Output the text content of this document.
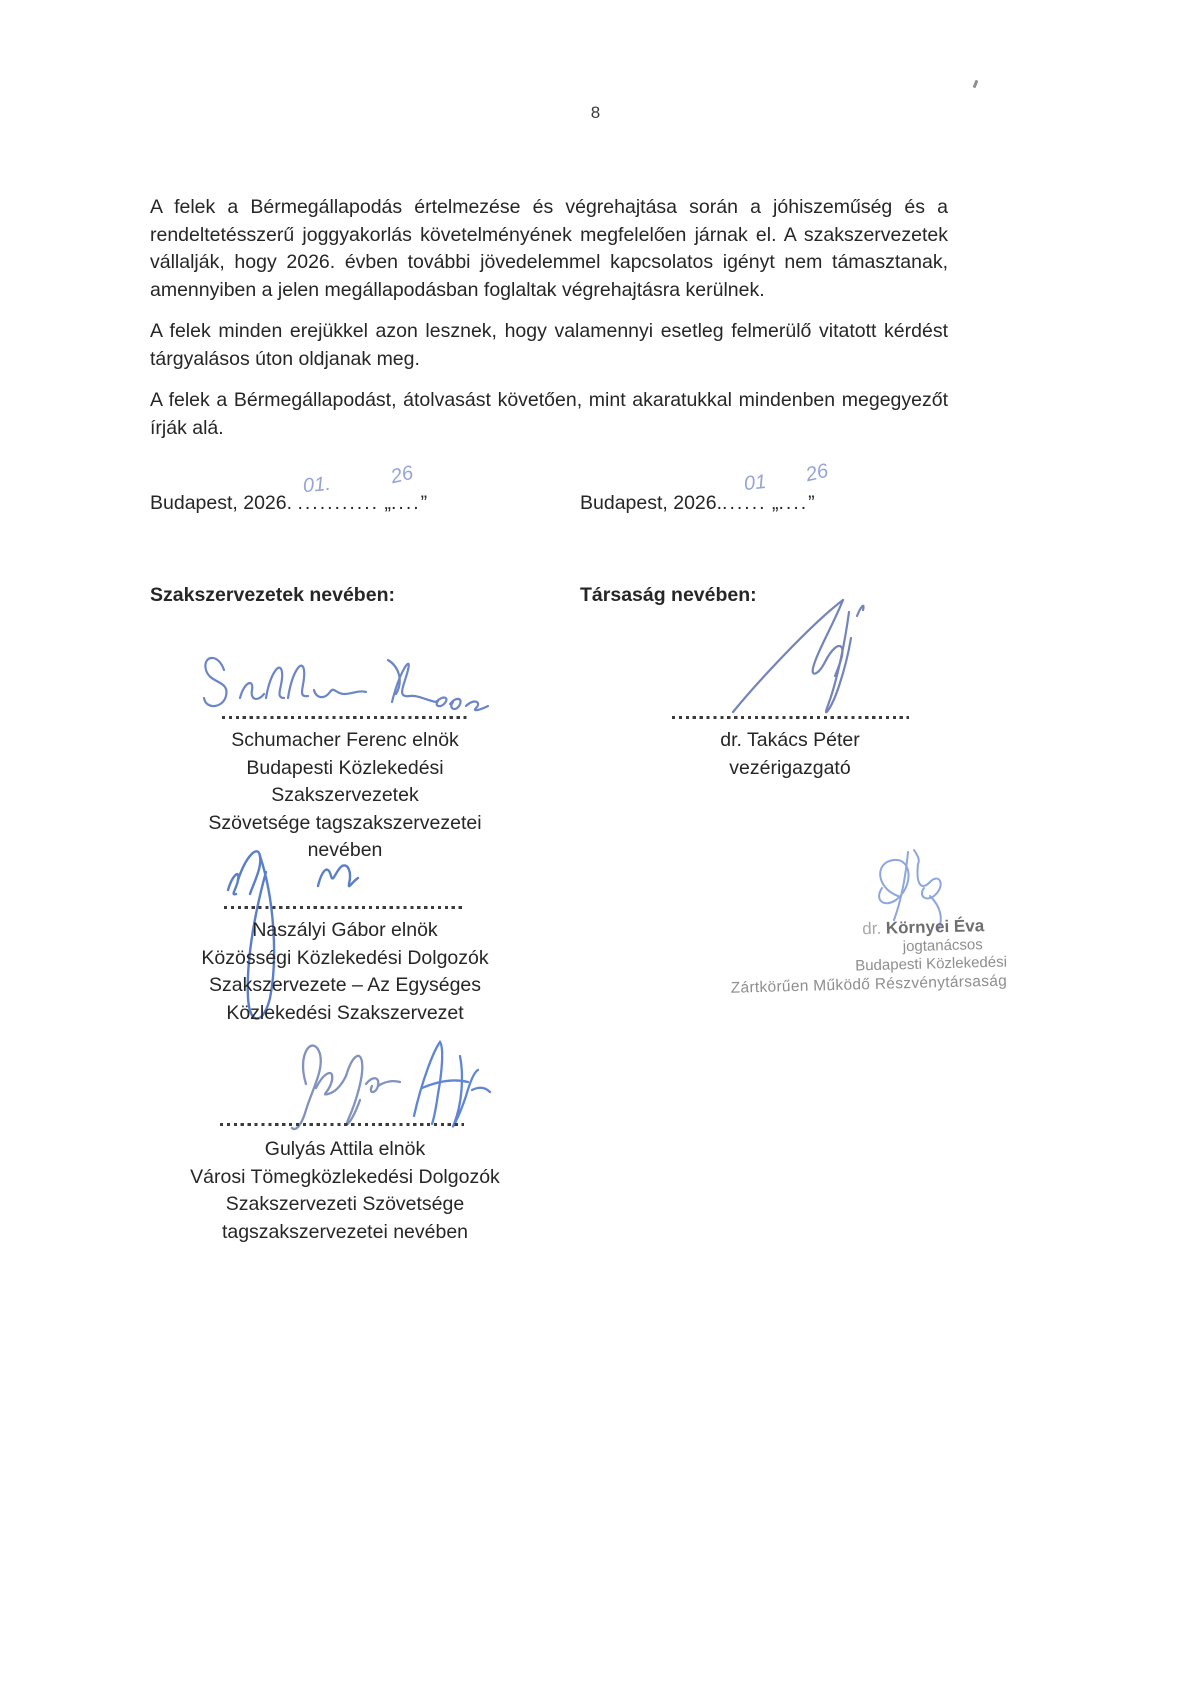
8

A felek a Bérmegállapodás értelmezése és végrehajtása során a jóhiszeműség és a rendeltetésszerű joggyakorlás követelményének megfelelően járnak el. A szakszervezetek vállalják, hogy 2026. évben további jövedelemmel kapcsolatos igényt nem támasztanak, amennyiben a jelen megállapodásban foglaltak végrehajtásra kerülnek.

A felek minden erejükkel azon lesznek, hogy valamennyi esetleg felmerülő vitatott kérdést tárgyalásos úton oldjanak meg.

A felek a Bérmegállapodást, átolvasást követően, mint akaratukkal mindenben megegyezőt írják alá.

Budapest, 2026. ........... „....”	Budapest, 2026....... „....”
01.	26	01 26
Szakszervezetek nevében:	Társaság nevében:
Schumacher Ferenc elnök
Budapesti Közlekedési Szakszervezetek
Szövetsége tagszakszervezetei nevében
dr. Takács Péter
vezérigazgató
Naszályi Gábor elnök
Közösségi Közlekedési Dolgozók
Szakszervezete – Az Egységes
Közlekedési Szakszervezet
dr. Környei Éva
jogtanácsos
Budapesti Közlekedési
Zártkörűen Működő Részvénytársaság
Gulyás Attila elnök
Városi Tömegközlekedési Dolgozók
Szakszervezeti Szövetsége
tagszakszervezetei nevében
